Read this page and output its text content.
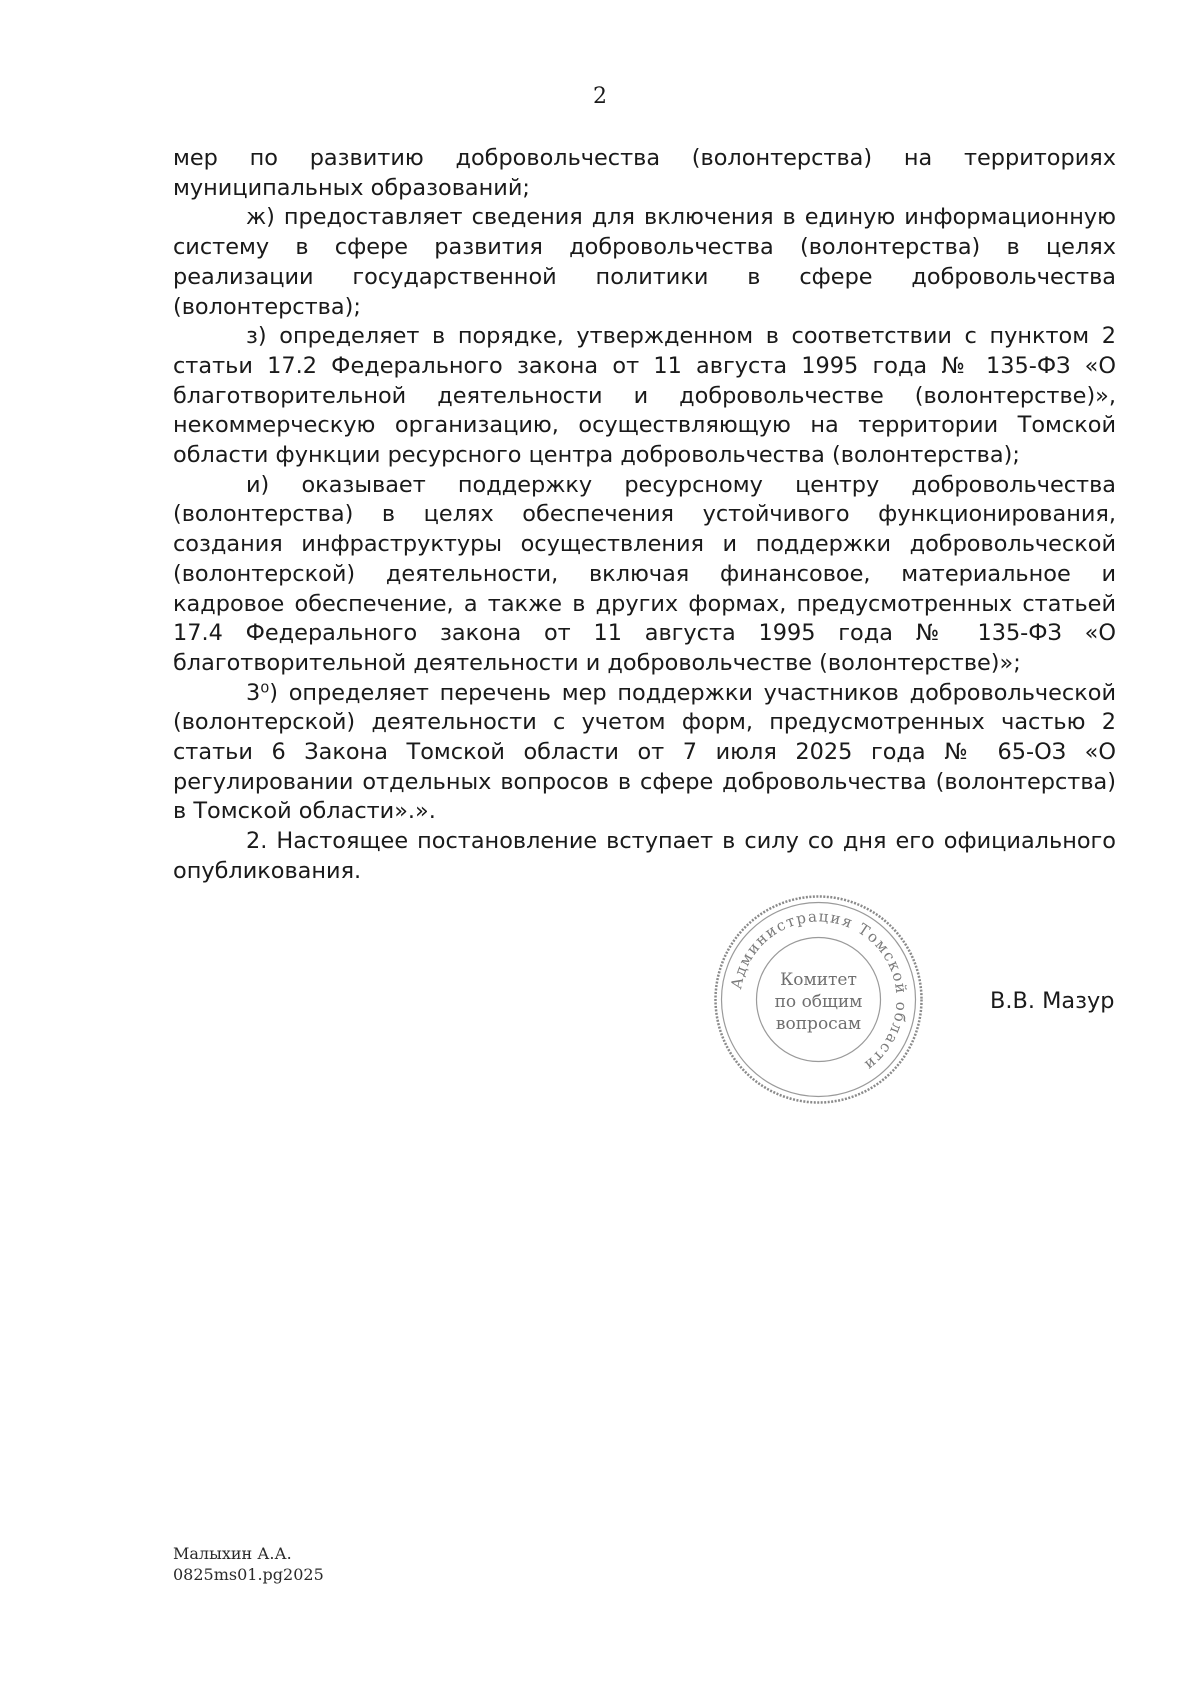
2

мер по развитию добровольчества (волонтерства) на территориях муниципальных образований;

ж) предоставляет сведения для включения в единую информационную систему в сфере развития добровольчества (волонтерства) в целях реализации государственной политики в сфере добровольчества (волонтерства);

з) определяет в порядке, утвержденном в соответствии с пунктом 2 статьи 17.2 Федерального закона от 11 августа 1995 года № 135-ФЗ «О благотворительной деятельности и добровольчестве (волонтерстве)», некоммерческую организацию, осуществляющую на территории Томской области функции ресурсного центра добровольчества (волонтерства);

и) оказывает поддержку ресурсному центру добровольчества (волонтерства) в целях обеспечения устойчивого функционирования, создания инфраструктуры осуществления и поддержки добровольческой (волонтерской) деятельности, включая финансовое, материальное и кадровое обеспечение, а также в других формах, предусмотренных статьей 17.4 Федерального закона от 11 августа 1995 года № 135-ФЗ «О благотворительной деятельности и добровольчестве (волонтерстве)»;

3⁰) определяет перечень мер поддержки участников добровольческой (волонтерской) деятельности с учетом форм, предусмотренных частью 2 статьи 6 Закона Томской области от 7 июля 2025 года № 65-ОЗ «О регулировании отдельных вопросов в сфере добровольчества (волонтерства) в Томской области».».

2. Настоящее постановление вступает в силу со дня его официального опубликования.

Администрация Томской области
Комитет
по общим
вопросам
В.В. Мазур
Малыхин А.А.
0825ms01.pg2025
